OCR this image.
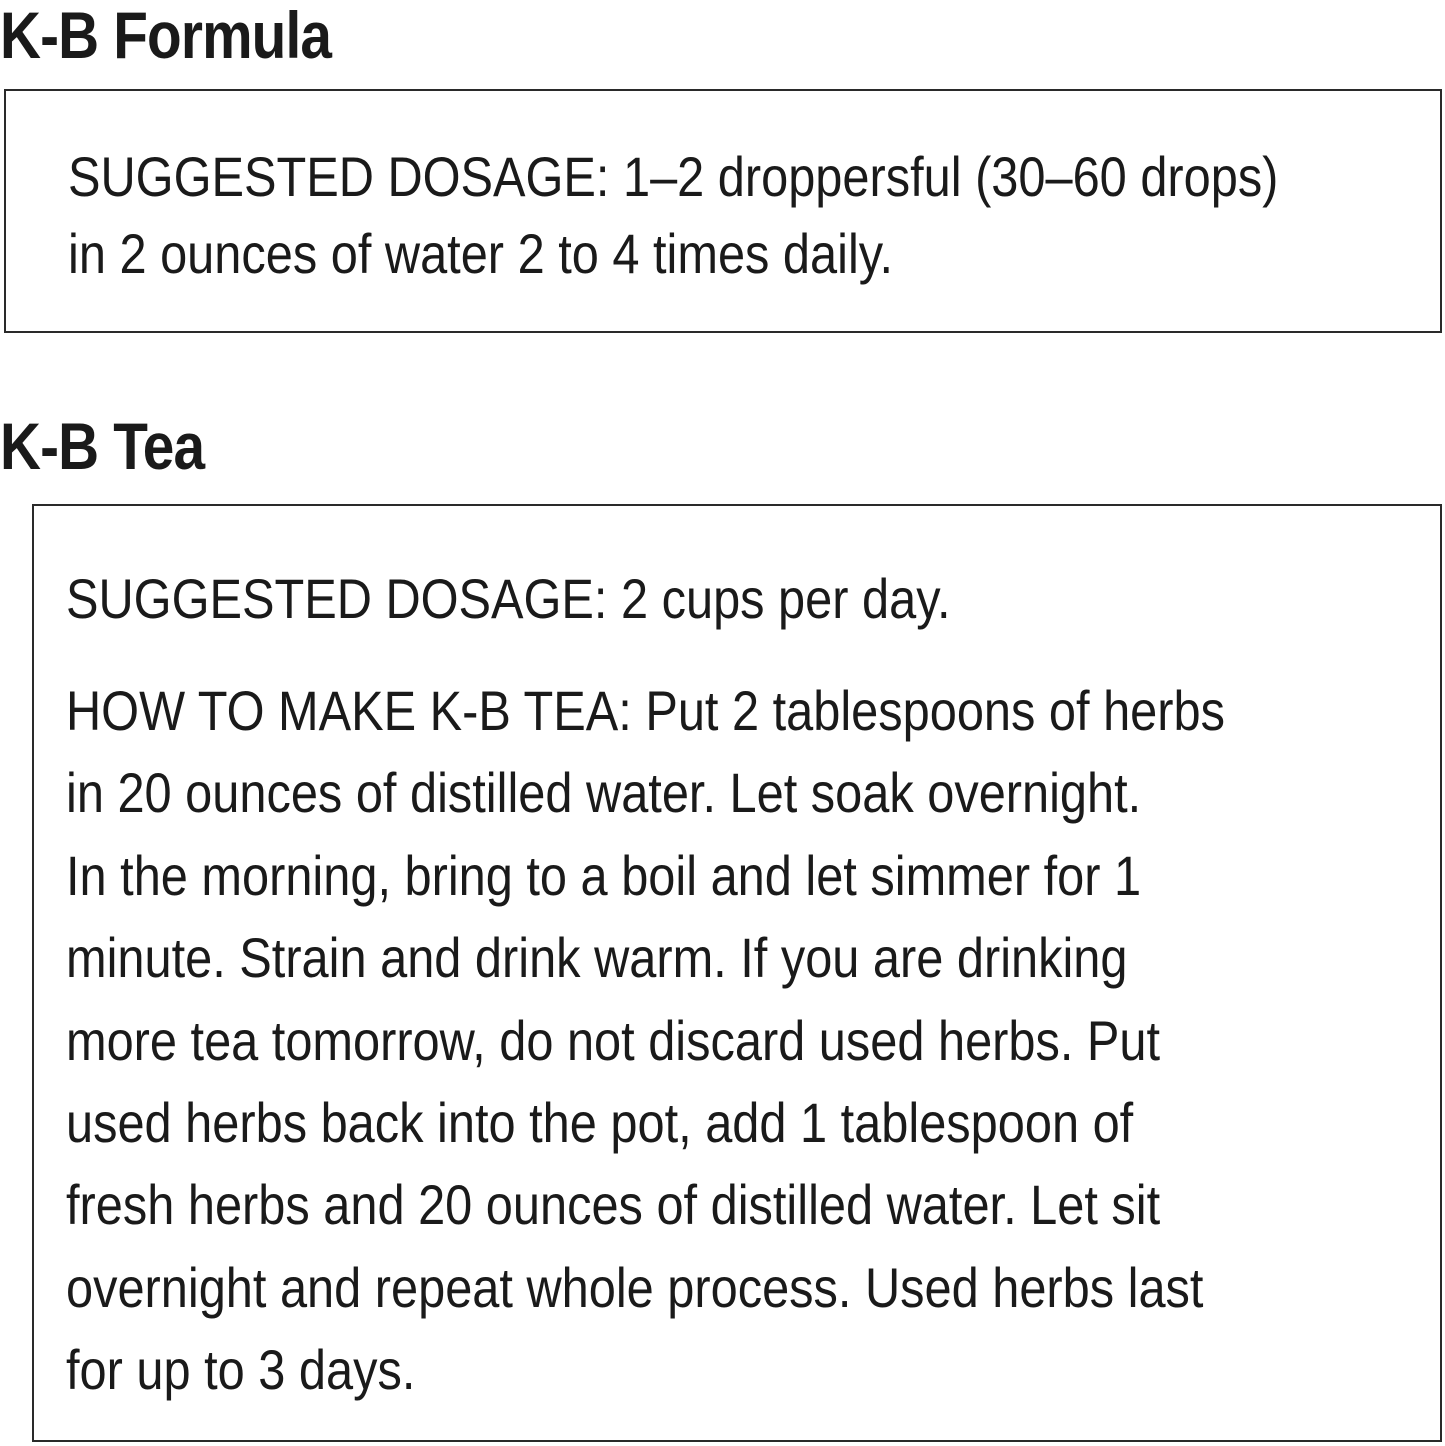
K-B Formula

SUGGESTED DOSAGE: 1–2 droppersful (30–60 drops)
in 2 ounces of water 2 to 4 times daily.

K-B Tea

SUGGESTED DOSAGE: 2 cups per day.

HOW TO MAKE K-B TEA: Put 2 tablespoons of herbs
in 20 ounces of distilled water. Let soak overnight.
In the morning, bring to a boil and let simmer for 1
minute. Strain and drink warm. If you are drinking
more tea tomorrow, do not discard used herbs. Put
used herbs back into the pot, add 1 tablespoon of
fresh herbs and 20 ounces of distilled water. Let sit
overnight and repeat whole process. Used herbs last
for up to 3 days.
